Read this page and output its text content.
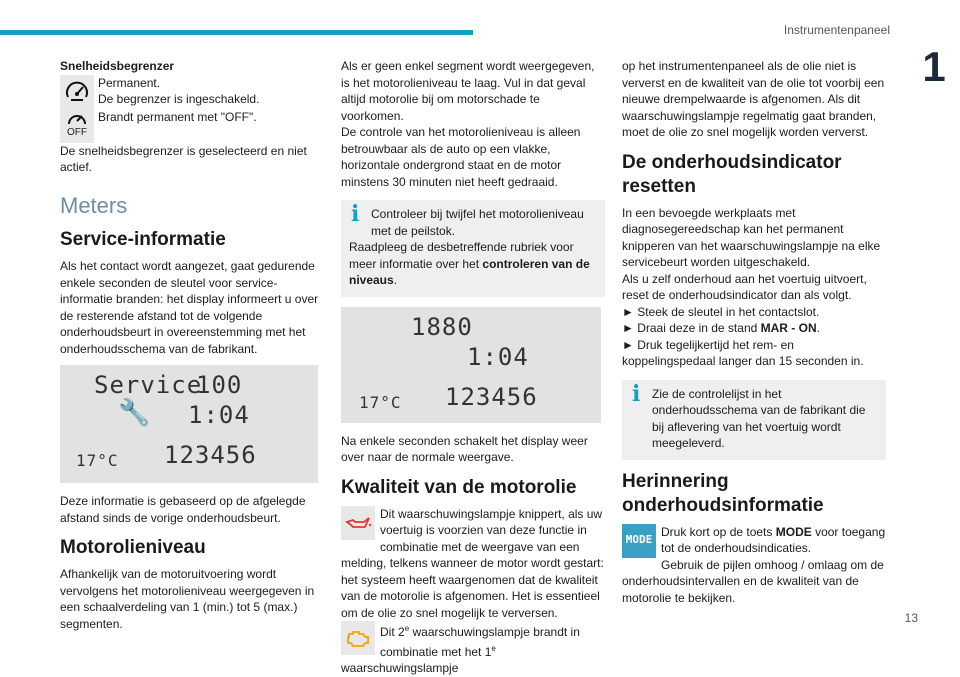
Instrumentenpaneel
1
13

Snelheidsbegrenzer

Permanent.

De begrenzer is ingeschakeld.

OFF

Brandt permanent met "OFF".

De snelheidsbegrenzer is geselecteerd en niet actief.

Meters

Service-informatie

Als het contact wordt aangezet, gaat gedurende enkele seconden de sleutel voor service-informatie branden: het display informeert u over de resterende afstand tot de volgende onderhoudsbeurt in overeenstemming met het onderhoudsschema van de fabrikant.

Service
100
🔧 1:04
17°C 123456

Deze informatie is gebaseerd op de afgelegde afstand sinds de vorige onderhoudsbeurt.

Motorolieniveau

Afhankelijk van de motoruitvoering wordt vervolgens het motorolieniveau weergegeven in een schaalverdeling van 1 (min.) tot 5 (max.) segmenten.

Als er geen enkel segment wordt weergegeven, is het motorolieniveau te laag. Vul in dat geval altijd motorolie bij om motorschade te voorkomen.

De controle van het motorolieniveau is alleen betrouwbaar als de auto op een vlakke, horizontale ondergrond staat en de motor minstens 30 minuten niet heeft gedraaid.

i Controleer bij twijfel het motorolieniveau met de peilstok.

Raadpleeg de desbetreffende rubriek voor meer informatie over het controleren van de niveaus.

1880
1:04
17°C 123456

Na enkele seconden schakelt het display weer over naar de normale weergave.

Kwaliteit van de motorolie

Dit waarschuwingslampje knippert, als uw voertuig is voorzien van deze functie in combinatie met de weergave van een melding, telkens wanneer de motor wordt gestart: het systeem heeft waargenomen dat de kwaliteit van de motorolie is afgenomen. Het is essentieel om de olie zo snel mogelijk te verversen.

Dit 2e waarschuwingslampje brandt in combinatie met het 1e waarschuwingslampje

op het instrumentenpaneel als de olie niet is ververst en de kwaliteit van de olie tot voorbij een nieuwe drempelwaarde is afgenomen. Als dit waarschuwingslampje regelmatig gaat branden, moet de olie zo snel mogelijk worden ververst.

De onderhoudsindicator resetten

In een bevoegde werkplaats met diagnosegereedschap kan het permanent knipperen van het waarschuwingslampje na elke servicebeurt worden uitgeschakeld.

Als u zelf onderhoud aan het voertuig uitvoert, reset de onderhoudsindicator dan als volgt.

► Steek de sleutel in het contactslot.

► Draai deze in de stand MAR - ON.

► Druk tegelijkertijd het rem- en koppelingspedaal langer dan 15 seconden in.

i Zie de controlelijst in het onderhoudsschema van de fabrikant die bij aflevering van het voertuig wordt meegeleverd.

Herinnering onderhoudsinformatie

MODE

Druk kort op de toets MODE voor toegang tot de onderhoudsindicaties.

Gebruik de pijlen omhoog / omlaag om de onderhoudsintervallen en de kwaliteit van de motorolie te bekijken.
